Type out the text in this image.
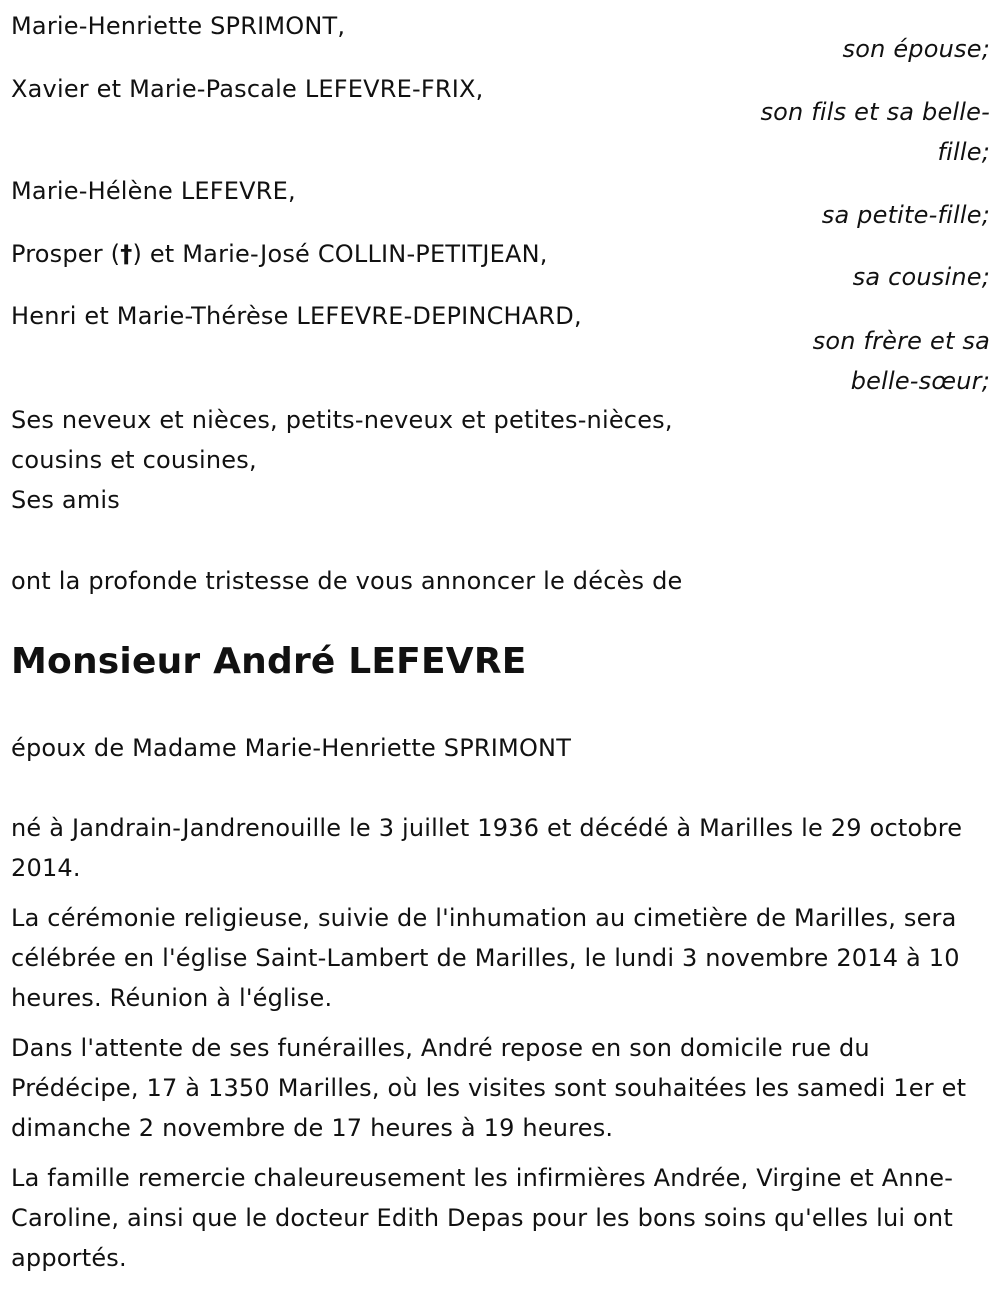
Marie-Henriette SPRIMONT,
son épouse;
Xavier et Marie-Pascale LEFEVRE-FRIX,
son fils et sa belle-fille;
Marie-Hélène LEFEVRE,
sa petite-fille;
Prosper (†) et Marie-José COLLIN-PETITJEAN,
sa cousine;
Henri et Marie-Thérèse LEFEVRE-DEPINCHARD,
son frère et sa belle-sœur;
Ses neveux et nièces, petits-neveux et petites-nièces,
cousins et cousines,
Ses amis
ont la profonde tristesse de vous annoncer le décès de
Monsieur André LEFEVRE
époux de Madame Marie-Henriette SPRIMONT

né à Jandrain-Jandrenouille le 3 juillet 1936 et décédé à Marilles le 29 octobre 2014.

La cérémonie religieuse, suivie de l'inhumation au cimetière de Marilles, sera célébrée en l'église Saint-Lambert de Marilles, le lundi 3 novembre 2014 à 10 heures. Réunion à l'église.

Dans l'attente de ses funérailles, André repose en son domicile rue du Prédécipe, 17 à 1350 Marilles, où les visites sont souhaitées les samedi 1er et dimanche 2 novembre de 17 heures à 19 heures.

La famille remercie chaleureusement les infirmières Andrée, Virgine et Anne-Caroline, ainsi que le docteur Edith Depas pour les bons soins qu'elles lui ont apportés.
